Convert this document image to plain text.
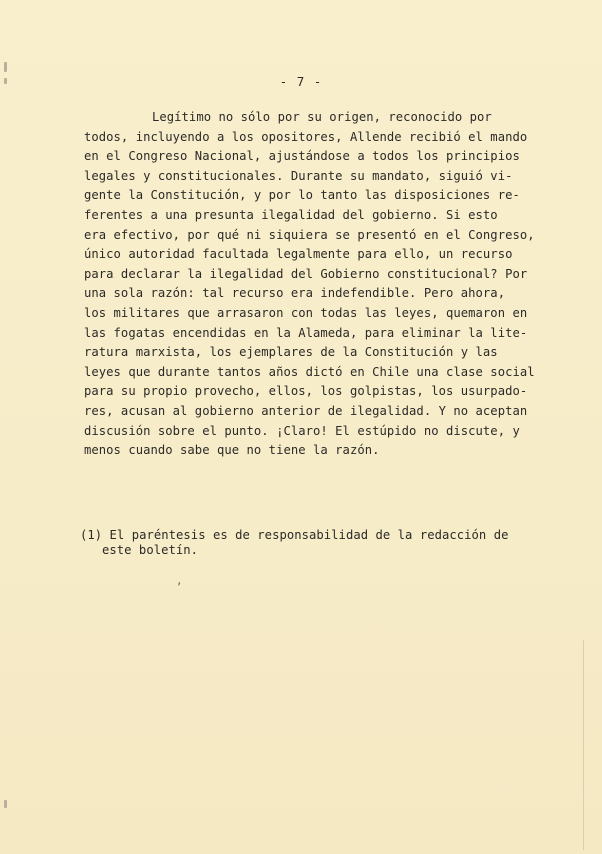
- 7 -
Legítimo no sólo por su origen, reconocido por
todos, incluyendo a los opositores, Allende recibió el mando
en el Congreso Nacional, ajustándose a todos los principios
legales y constitucionales. Durante su mandato, siguió vi-
gente la Constitución, y por lo tanto las disposiciones re-
ferentes a una presunta ilegalidad del gobierno. Si esto
era efectivo, por qué ni siquiera se presentó en el Congreso,
único autoridad facultada legalmente para ello, un recurso
para declarar la ilegalidad del Gobierno constitucional? Por
una sola razón: tal recurso era indefendible. Pero ahora,
los militares que arrasaron con todas las leyes, quemaron en
las fogatas encendidas en la Alameda, para eliminar la lite-
ratura marxista, los ejemplares de la Constitución y las
leyes que durante tantos años dictó en Chile una clase social
para su propio provecho, ellos, los golpistas, los usurpado-
res, acusan al gobierno anterior de ilegalidad. Y no aceptan
discusión sobre el punto. ¡Claro! El estúpido no discute, y
menos cuando sabe que no tiene la razón.
(1) El paréntesis es de responsabilidad de la redacción de
este boletín.
,
